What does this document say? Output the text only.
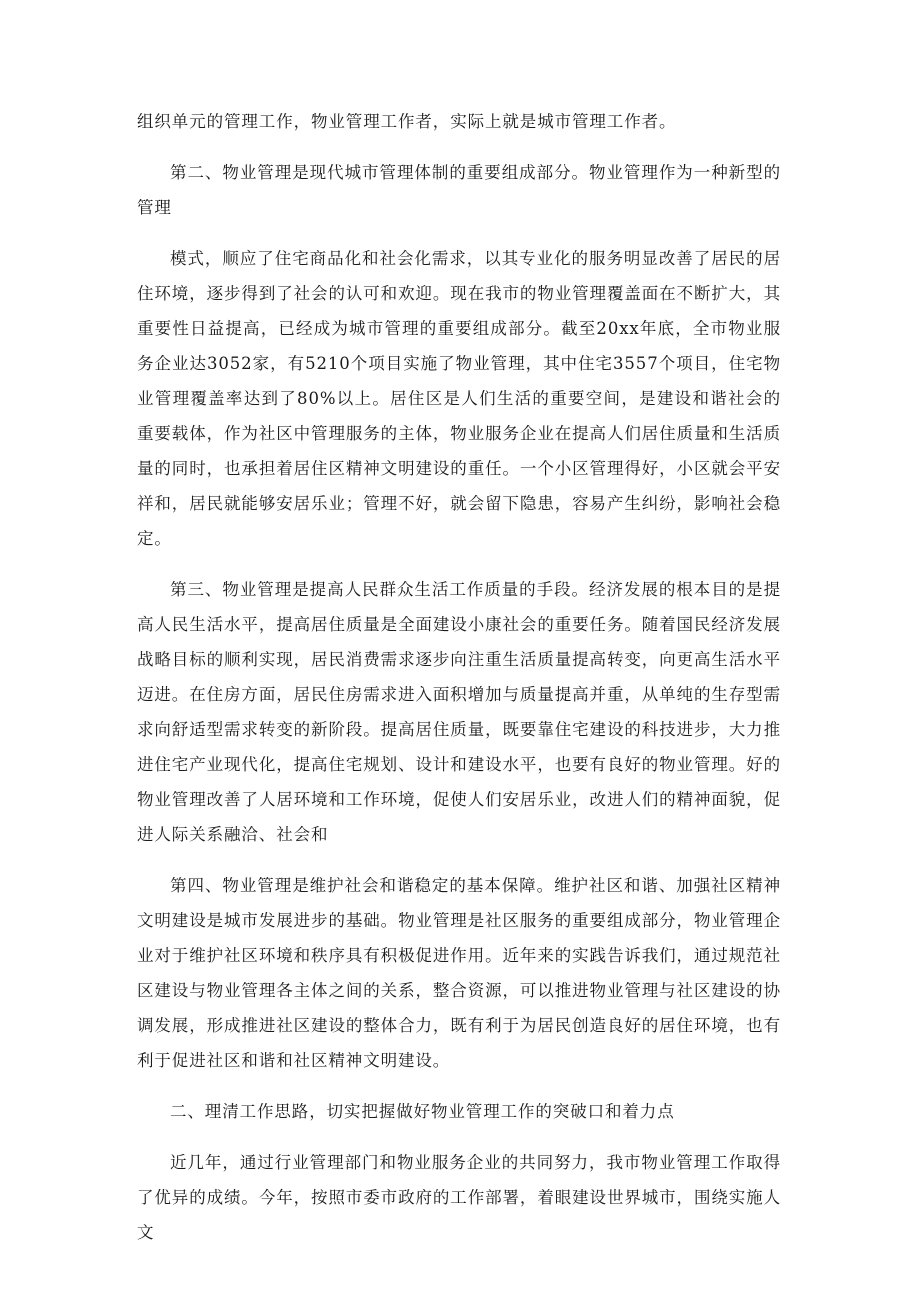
组织单元的管理工作，物业管理工作者，实际上就是城市管理工作者。

第二、物业管理是现代城市管理体制的重要组成部分。物业管理作为一种新型的管理

模式，顺应了住宅商品化和社会化需求，以其专业化的服务明显改善了居民的居住环境，逐步得到了社会的认可和欢迎。现在我市的物业管理覆盖面在不断扩大，其重要性日益提高，已经成为城市管理的重要组成部分。截至20xx年底，全市物业服务企业达3052家，有5210个项目实施了物业管理，其中住宅3557个项目，住宅物业管理覆盖率达到了80%以上。居住区是人们生活的重要空间，是建设和谐社会的重要载体，作为社区中管理服务的主体，物业服务企业在提高人们居住质量和生活质量的同时，也承担着居住区精神文明建设的重任。一个小区管理得好，小区就会平安祥和，居民就能够安居乐业；管理不好，就会留下隐患，容易产生纠纷，影响社会稳定。

第三、物业管理是提高人民群众生活工作质量的手段。经济发展的根本目的是提高人民生活水平，提高居住质量是全面建设小康社会的重要任务。随着国民经济发展战略目标的顺利实现，居民消费需求逐步向注重生活质量提高转变，向更高生活水平迈进。在住房方面，居民住房需求进入面积增加与质量提高并重，从单纯的生存型需求向舒适型需求转变的新阶段。提高居住质量，既要靠住宅建设的科技进步，大力推进住宅产业现代化，提高住宅规划、设计和建设水平，也要有良好的物业管理。好的物业管理改善了人居环境和工作环境，促使人们安居乐业，改进人们的精神面貌，促进人际关系融洽、社会和

第四、物业管理是维护社会和谐稳定的基本保障。维护社区和谐、加强社区精神文明建设是城市发展进步的基础。物业管理是社区服务的重要组成部分，物业管理企业对于维护社区环境和秩序具有积极促进作用。近年来的实践告诉我们，通过规范社区建设与物业管理各主体之间的关系，整合资源，可以推进物业管理与社区建设的协调发展，形成推进社区建设的整体合力，既有利于为居民创造良好的居住环境，也有利于促进社区和谐和社区精神文明建设。

二、理清工作思路，切实把握做好物业管理工作的突破口和着力点

近几年，通过行业管理部门和物业服务企业的共同努力，我市物业管理工作取得了优异的成绩。今年，按照市委市政府的工作部署，着眼建设世界城市，围绕实施人文
